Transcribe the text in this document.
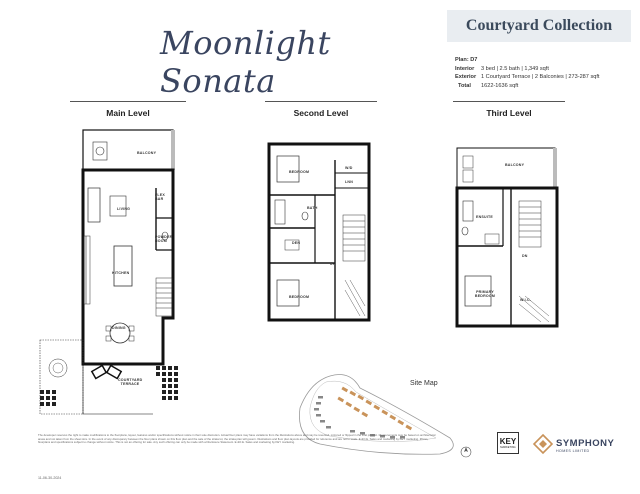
Courtyard Collection
Moonlight Sonata
Plan: D7
Interior	3 bed | 2.5 bath | 1,349 sqft
Exterior 1 Courtyard Terrace | 2 Balconies | 273-287 sqft
Total	1622-1636 sqft
Main Level	Second Level	Third Level
BALCONY
LIVING
FLEX BAR
POWDER ROOM
KITCHEN
DINING
COURTYARD TERRACE
BEDROOM
W/D
LNN
BATH
DEN
BEDROOM
UP
BALCONY
ENSUITE
DN
PRIMARY BEDROOM
W.I.C.
Site Map
The developer reserves the right to make modifications to the floorplans, layout, features and/or specifications without notice in their sole discretion. Actual floor plans may have variations from the illustrations above and may be reversed, mirrored or flipped in the final product. Measurements may be based on architectural areas and not taken from the sheet size. In the event of any discrepancy between the floor plans shown on this floor plan and the sale of the strata lot, the strata plan will govern. Illustrations and floor plan layouts are provided for reference and are not to scale. E.&O.E. Sales and marketing by KEY marketing. Prices, floorplans and specifications subject to change without notice. This is not an offering for sale. Any such offering can only be made with a Disclosure Statement. E.&O.E. Sales and marketing by KEY marketing.
11-06-30-2024
KEY
MARKETING	SYMPHONY
HOMES LIMITED
